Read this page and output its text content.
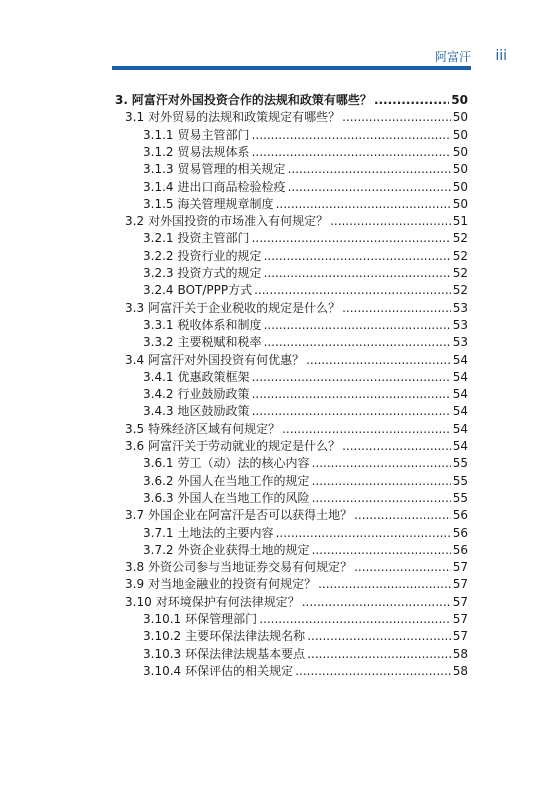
阿富汗 iii
3. 阿富汗对外国投资合作的法规和政策有哪些？ .....	50
3.1 对外贸易的法规和政策规定有哪些？ .....	50
3.1.1 贸易主管部门 .....	50
3.1.2 贸易法规体系 .....	50
3.1.3 贸易管理的相关规定 .....	50
3.1.4 进出口商品检验检疫 .....	50
3.1.5 海关管理规章制度 .....	50
3.2 对外国投资的市场准入有何规定？ .....	51
3.2.1 投资主管部门 .....	52
3.2.2 投资行业的规定 .....	52
3.2.3 投资方式的规定 .....	52
3.2.4 BOT/PPP方式 .....	52
3.3 阿富汗关于企业税收的规定是什么？ .....	53
3.3.1 税收体系和制度 .....	53
3.3.2 主要税赋和税率 .....	53
3.4 阿富汗对外国投资有何优惠？ .....	54
3.4.1 优惠政策框架 .....	54
3.4.2 行业鼓励政策 .....	54
3.4.3 地区鼓励政策 .....	54
3.5 特殊经济区域有何规定？ .....	54
3.6 阿富汗关于劳动就业的规定是什么？ .....	54
3.6.1 劳工（动）法的核心内容 .....	55
3.6.2 外国人在当地工作的规定 .....	55
3.6.3 外国人在当地工作的风险 .....	55
3.7 外国企业在阿富汗是否可以获得土地？ .....	56
3.7.1 土地法的主要内容 .....	56
3.7.2 外资企业获得土地的规定 .....	56
3.8 外资公司参与当地证券交易有何规定？ .....	57
3.9 对当地金融业的投资有何规定？ .....	57
3.10 对环境保护有何法律规定？ .....	57
3.10.1 环保管理部门 .....	57
3.10.2 主要环保法律法规名称 .....	57
3.10.3 环保法律法规基本要点 .....	58
3.10.4 环保评估的相关规定 .....	58
